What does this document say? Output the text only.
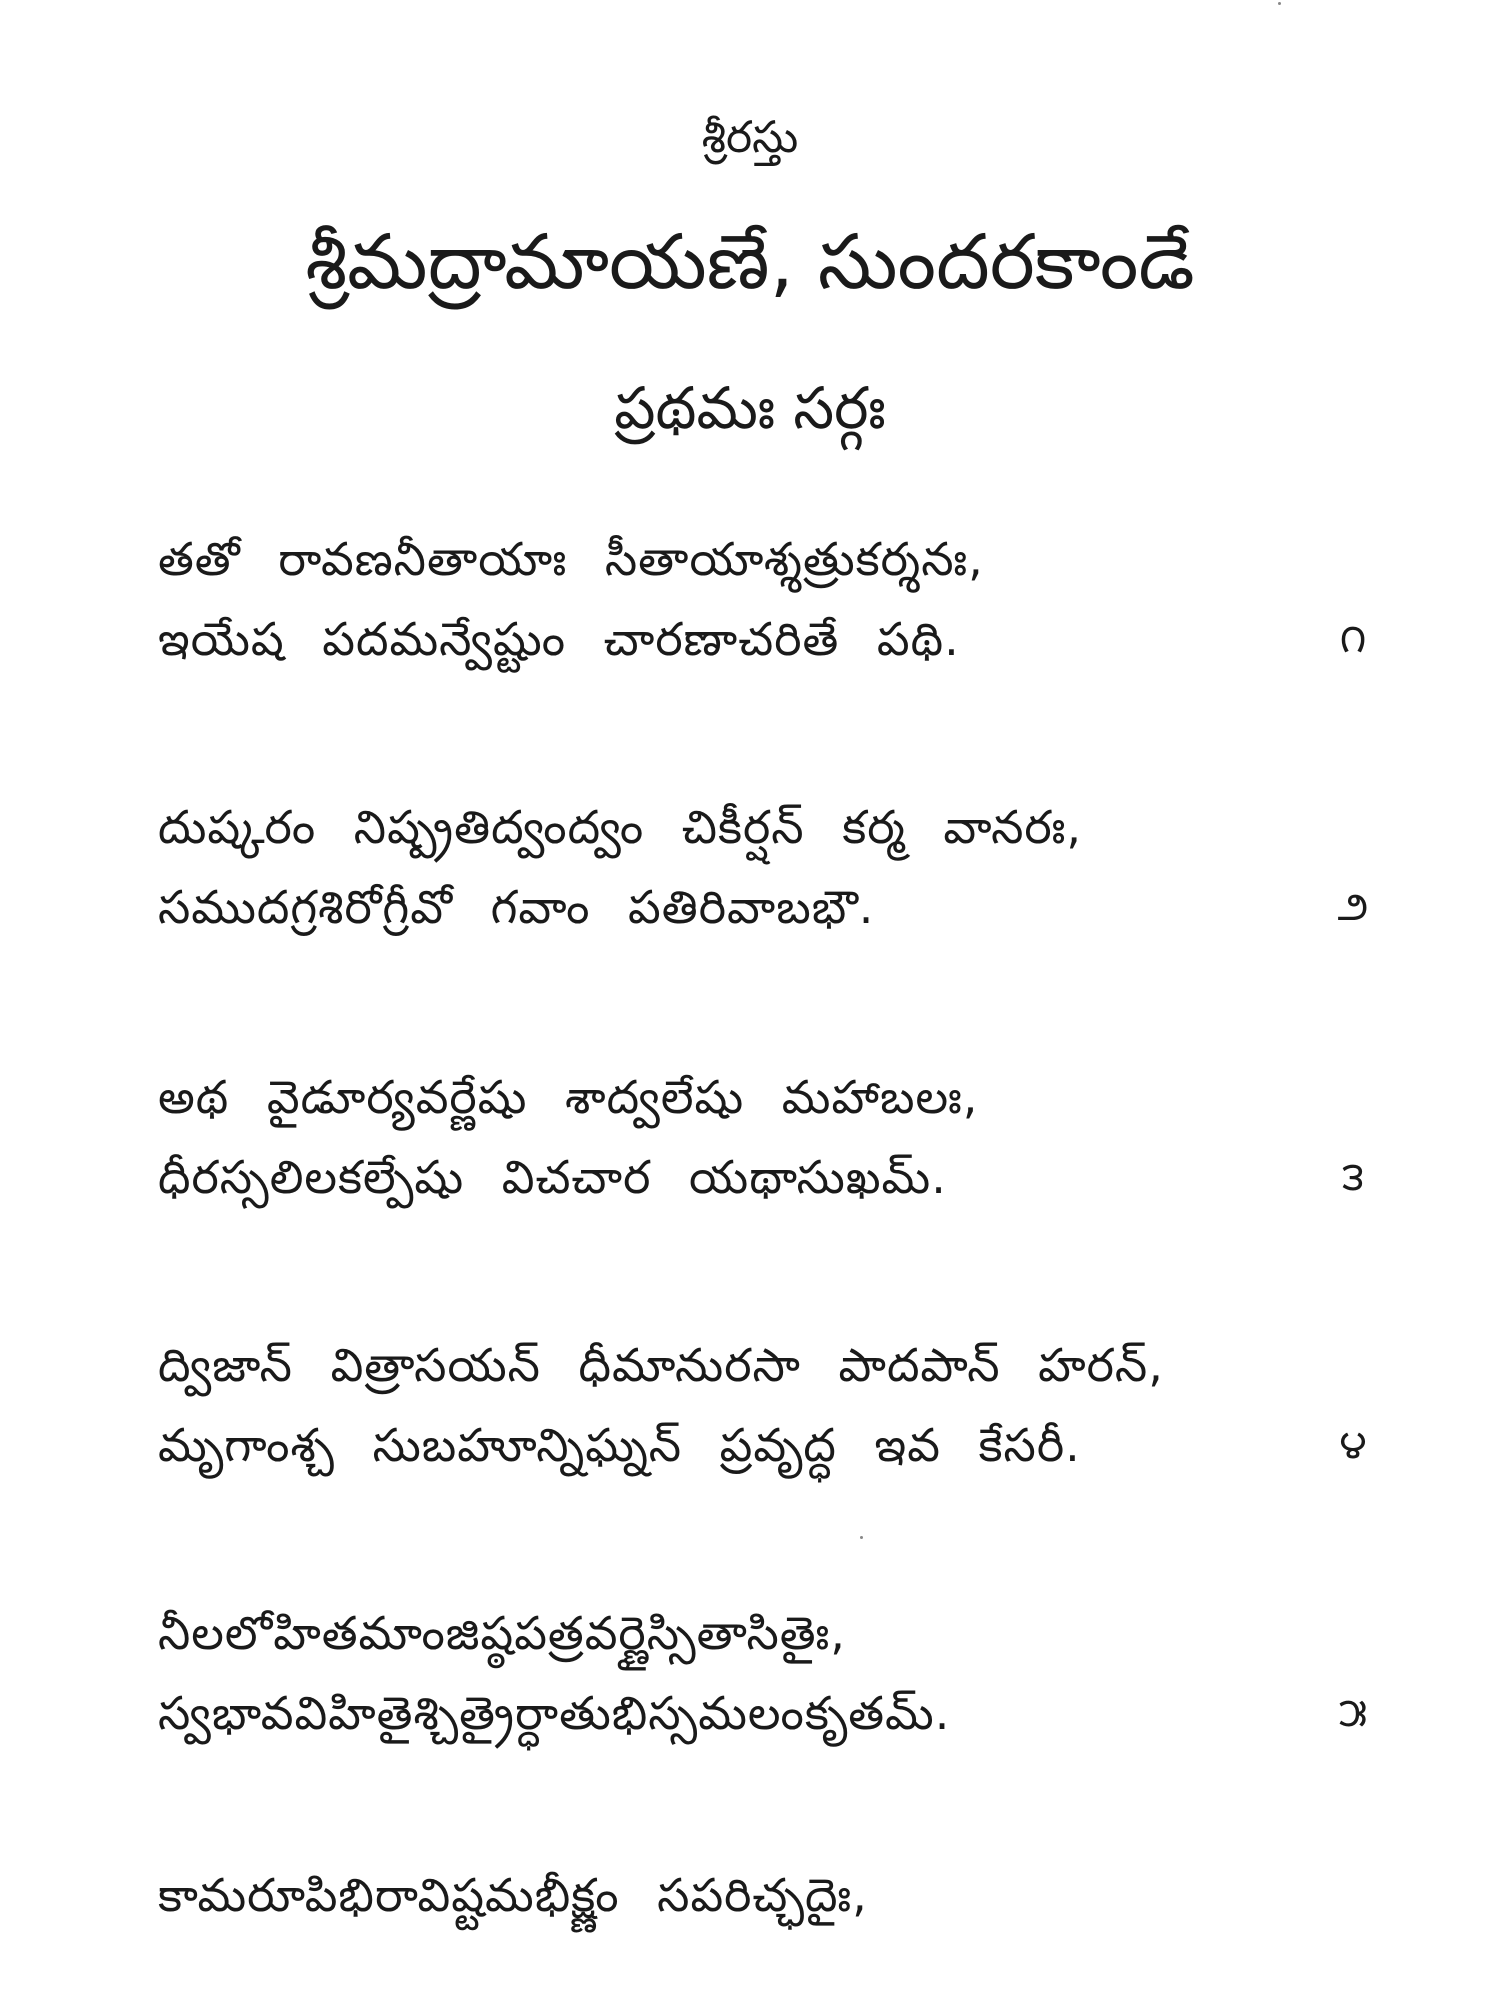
శ్రీరస్తు
శ్రీమద్రామాయణే, సుందరకాండే
ప్రథమః సర్గః
తతో రావణనీతాయాః సీతాయాశ్శత్రుకర్శనః,
ఇయేష పదమన్వేష్టుం చారణాచరితే పథి.	౧
దుష్కరం నిష్ప్రతిద్వంద్వం చికీర్షన్ కర్మ వానరః,
సముదగ్రశిరోగ్రీవో గవాం పతిరివాబభౌ.	౨
అథ వైడూర్యవర్ణేషు శాద్వలేషు మహాబలః,
ధీరస్సలిలకల్పేషు విచచార యథాసుఖమ్.	౩
ద్విజాన్ విత్రాసయన్ ధీమానురసా పాదపాన్ హరన్,
మృగాంశ్చ సుబహూన్నిఘ్నన్ ప్రవృద్ధ ఇవ కేసరీ.	౪
నీలలోహితమాంజిష్ఠపత్రవర్ణైస్సితాసితైః,
స్వభావవిహితైశ్చిత్రైర్ధాతుభిస్సమలంకృతమ్.	౫
కామరూపిభిరావిష్టమభీక్ష్ణం సపరిచ్ఛదైః,
